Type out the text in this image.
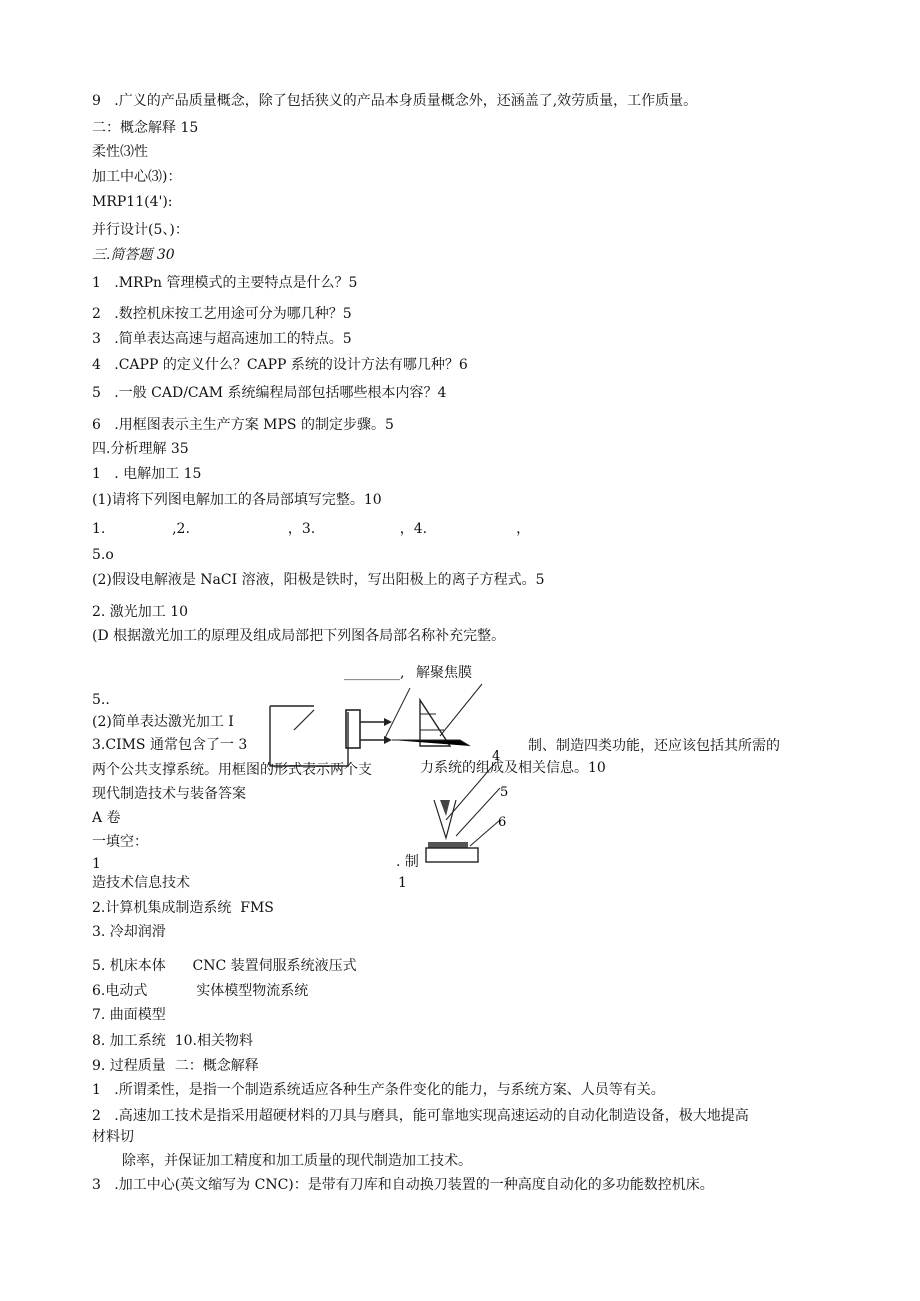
9   .广义的产品质量概念，除了包括狭义的产品本身质量概念外，还涵盖了,效劳质量，工作质量。
二：概念解释 15
柔性⑶性
加工中心⑶)：
MRP11(4'):
并行设计(5、)：
三.简答题 30
1   .MRPn 管理模式的主要特点是什么？5
2   .数控机床按工艺用途可分为哪几种？5
3   .简单表达高速与超高速加工的特点。5
4   .CAPP 的定义什么？CAPP 系统的设计方法有哪几种？6
5   .一般 CAD/CAM 系统编程局部包括哪些根本内容？4
6   .用框图表示主生产方案 MPS 的制定步骤。5
四.分析理解 35
1   . 电解加工 15
(1)请将下列图电解加工的各局部填写完整。10
1.               ,2.                      ，3.                   ，4.                    ，
5.o
(2)假设电解液是 NaCI 溶液，阳极是铁时，写出阳极上的离子方程式。5
2. 激光加工 10
(D 根据激光加工的原理及组成局部把下列图各局部名称补充完整。
5..
(2)简单表达激光加工 I
3.CIMS 通常包含了一 3
两个公共支撑系统。用框图的形式表示两个支
现代制造技术与装备答案
A 卷
一填空：
1
造技术信息技术
2.计算机集成制造系统  FMS
3. 冷却润滑
5. 机床本体      CNC 装置伺服系统液压式
6.电动式           实体模型物流系统
7. 曲面模型
8. 加工系统  10.相关物料
9. 过程质量  二：概念解释
1   .所谓柔性，是指一个制造系统适应各种生产条件变化的能力，与系统方案、人员等有关。
2   .高速加工技术是指采用超硬材料的刀具与磨具，能可靠地实现高速运动的自动化制造设备，极大地提高
材料切
除率，并保证加工精度和加工质量的现代制造加工技术。
3   .加工中心(英文缩写为 CNC)：是带有刀库和自动换刀装置的一种高度自动化的多功能数控机床。
________, 解聚焦膜
制、制造四类功能，还应该包括其所需的
力系统的组成及相关信息。10
. 制
1
4
5
6
